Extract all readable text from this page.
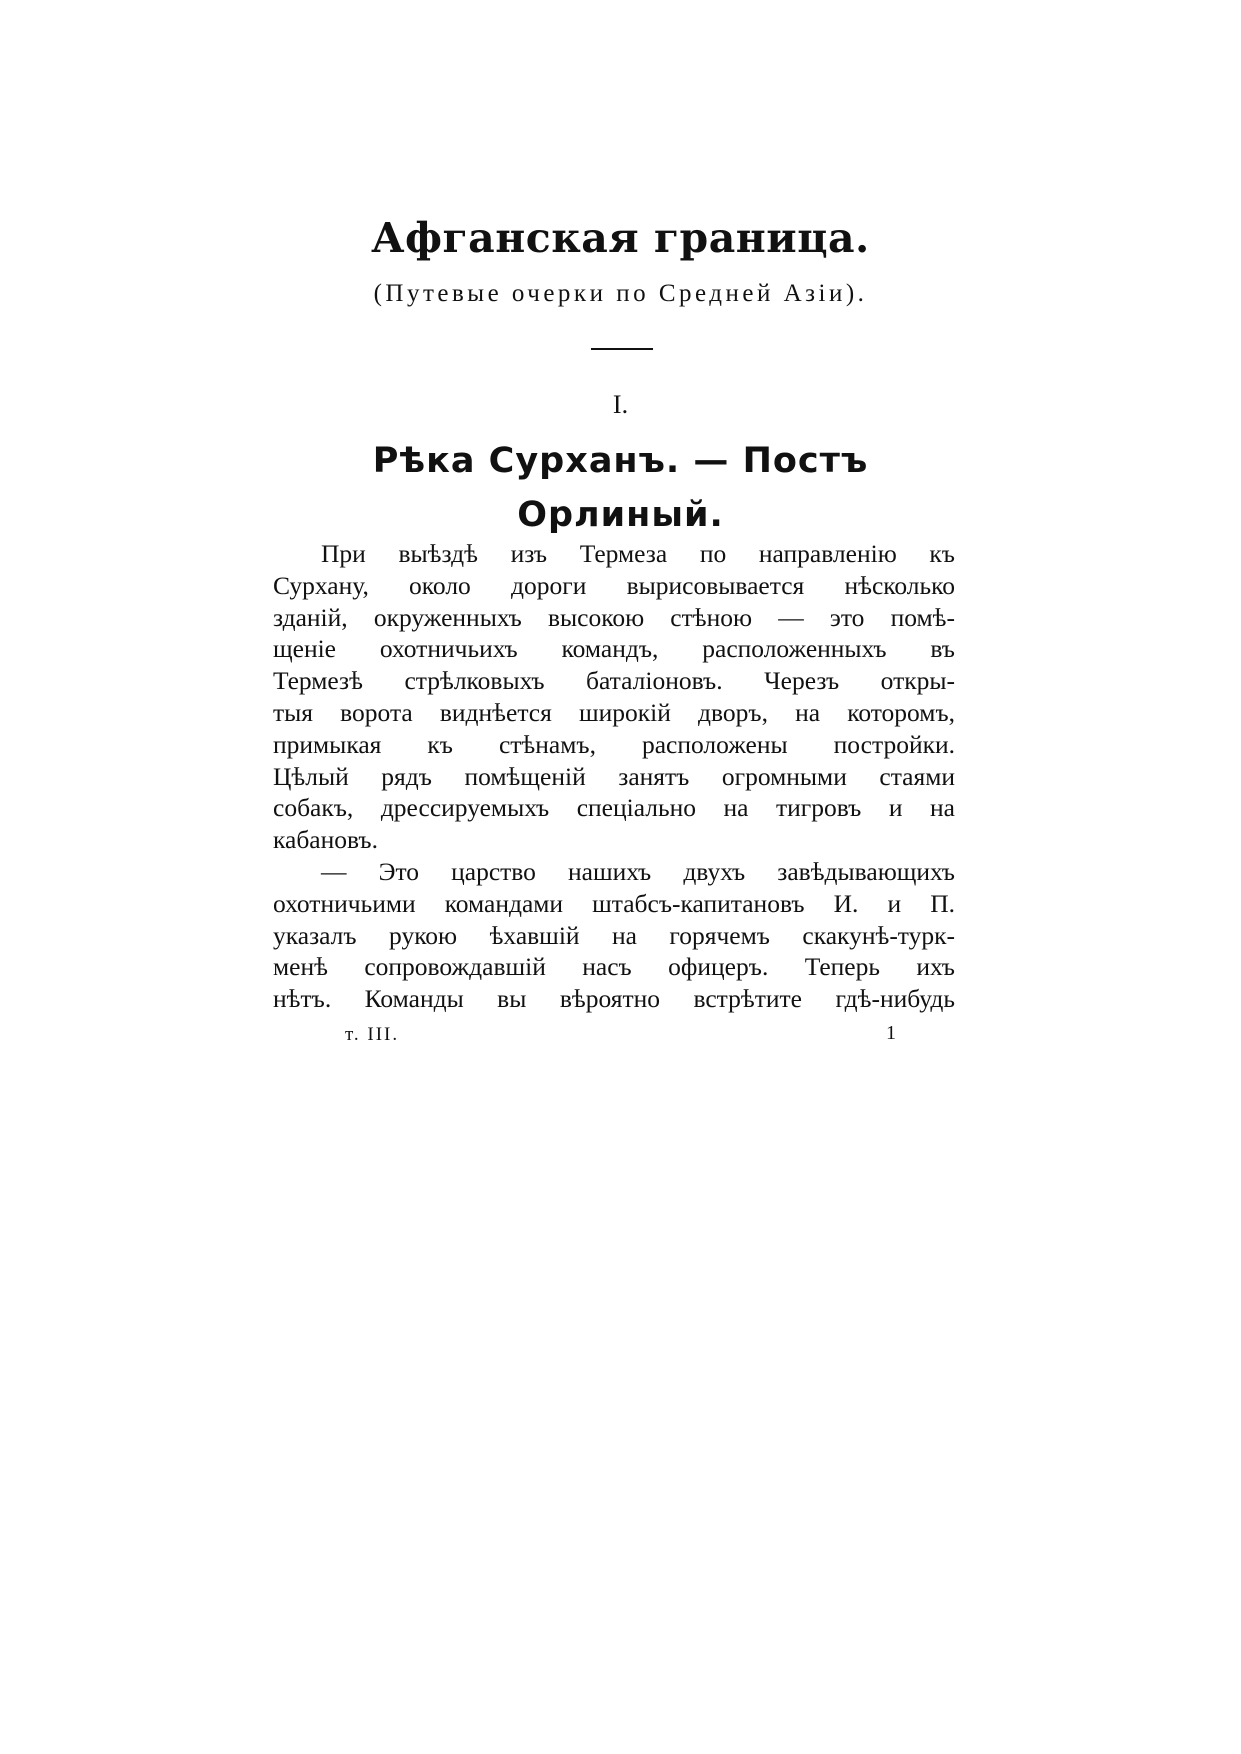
Афганская граница.

(Путевые очерки по Средней Азіи).

I.

Рѣка Сурханъ. — Постъ
Орлиный.
При выѣздѣ изъ Термеза по направленію къ
Сурхану, около дороги вырисовывается нѣсколько
зданій, окруженныхъ высокою стѣною — это помѣ-
щеніе охотничьихъ командъ, расположенныхъ въ
Термезѣ стрѣлковыхъ баталіоновъ. Черезъ откры-
тыя ворота виднѣется широкій дворъ, на которомъ,
примыкая къ стѣнамъ, расположены постройки.
Цѣлый рядъ помѣщеній занятъ огромными стаями
собакъ, дрессируемыхъ спеціально на тигровъ и на
кабановъ.
— Это царство нашихъ двухъ завѣдывающихъ
охотничьими командами штабсъ-капитановъ И. и П.
указалъ рукою ѣхавшій на горячемъ скакунѣ-турк-
менѣ сопровождавшій насъ офицеръ. Теперь ихъ
нѣтъ. Команды вы вѣроятно встрѣтите гдѣ-нибудь
т. III.	1
